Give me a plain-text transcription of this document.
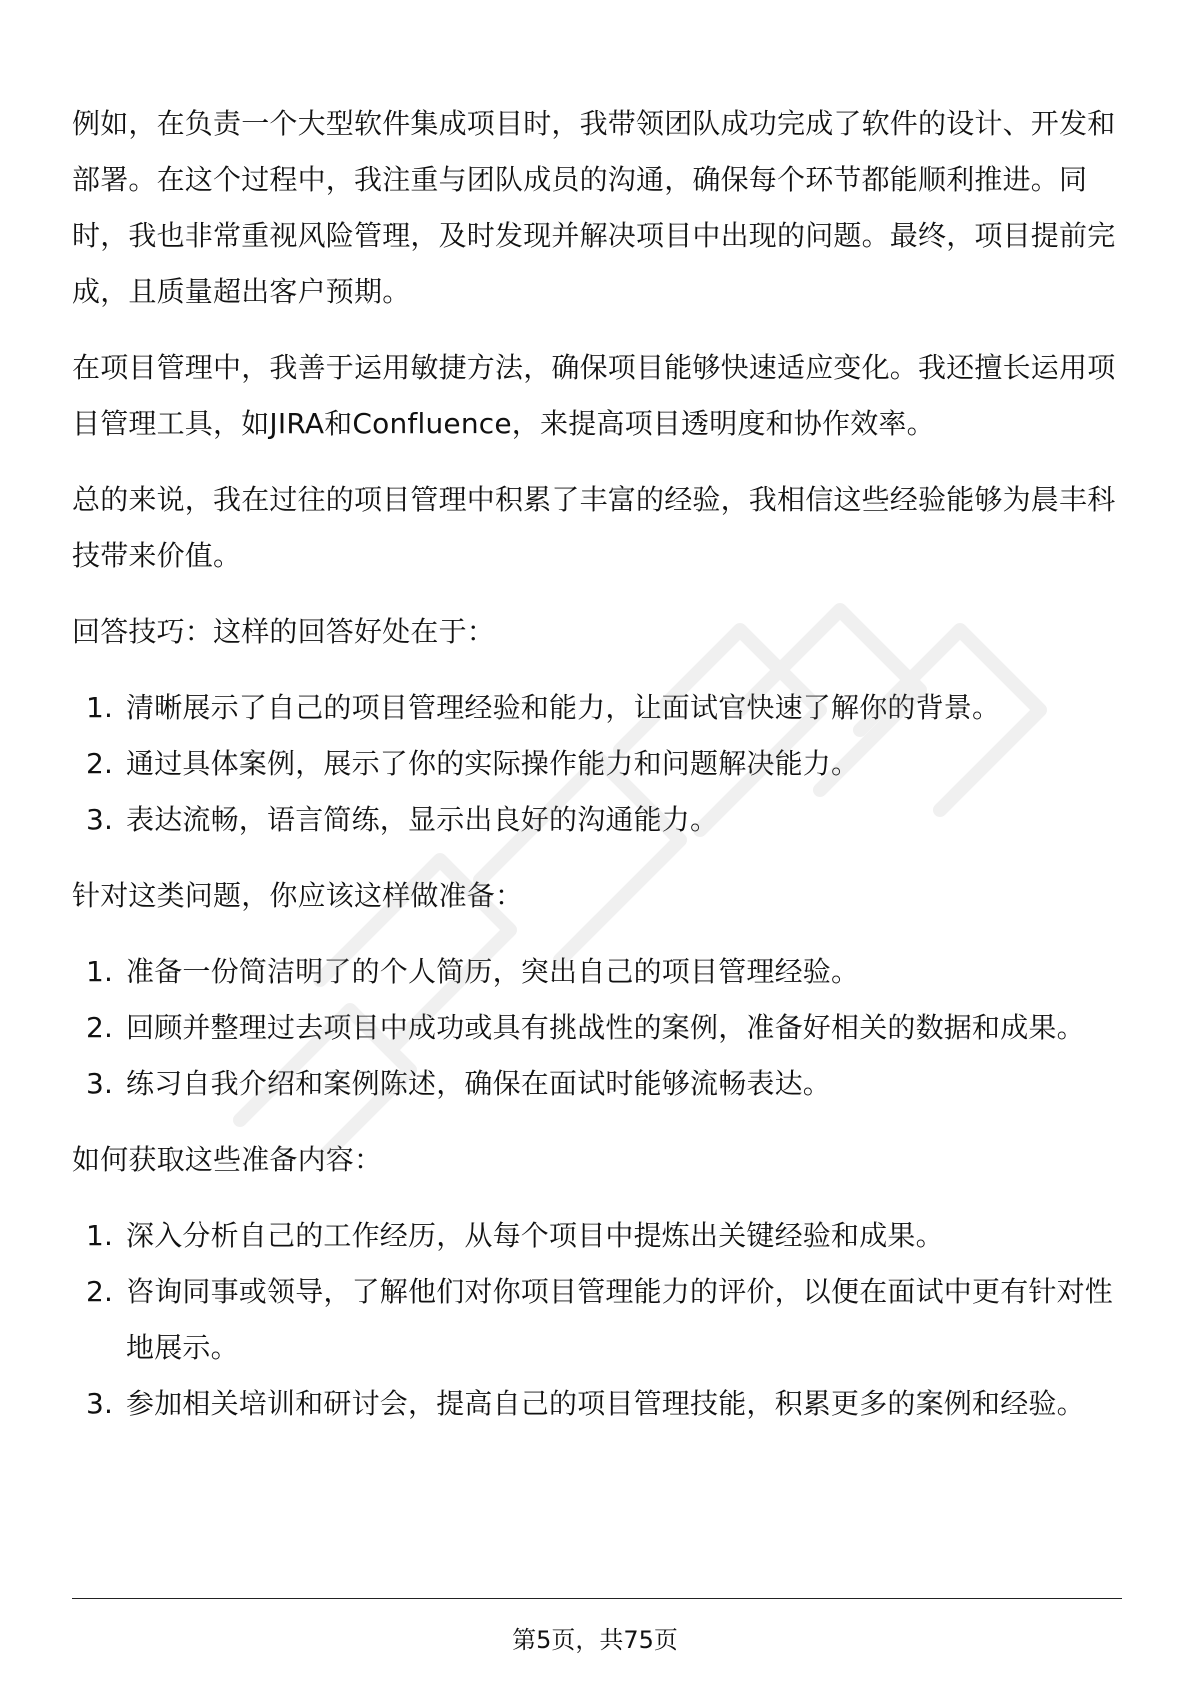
例如，在负责一个大型软件集成项目时，我带领团队成功完成了软件的设计、开发和部署。在这个过程中，我注重与团队成员的沟通，确保每个环节都能顺利推进。同时，我也非常重视风险管理，及时发现并解决项目中出现的问题。最终，项目提前完成，且质量超出客户预期。

在项目管理中，我善于运用敏捷方法，确保项目能够快速适应变化。我还擅长运用项目管理工具，如JIRA和Confluence，来提高项目透明度和协作效率。

总的来说，我在过往的项目管理中积累了丰富的经验，我相信这些经验能够为晨丰科技带来价值。

回答技巧：这样的回答好处在于：

1. 清晰展示了自己的项目管理经验和能力，让面试官快速了解你的背景。
2. 通过具体案例，展示了你的实际操作能力和问题解决能力。
3. 表达流畅，语言简练，显示出良好的沟通能力。

针对这类问题，你应该这样做准备：

1. 准备一份简洁明了的个人简历，突出自己的项目管理经验。
2. 回顾并整理过去项目中成功或具有挑战性的案例，准备好相关的数据和成果。
3. 练习自我介绍和案例陈述，确保在面试时能够流畅表达。

如何获取这些准备内容：

1. 深入分析自己的工作经历，从每个项目中提炼出关键经验和成果。
2. 咨询同事或领导，了解他们对你项目管理能力的评价，以便在面试中更有针对性地展示。
3. 参加相关培训和研讨会，提高自己的项目管理技能，积累更多的案例和经验。
第5页，共75页
